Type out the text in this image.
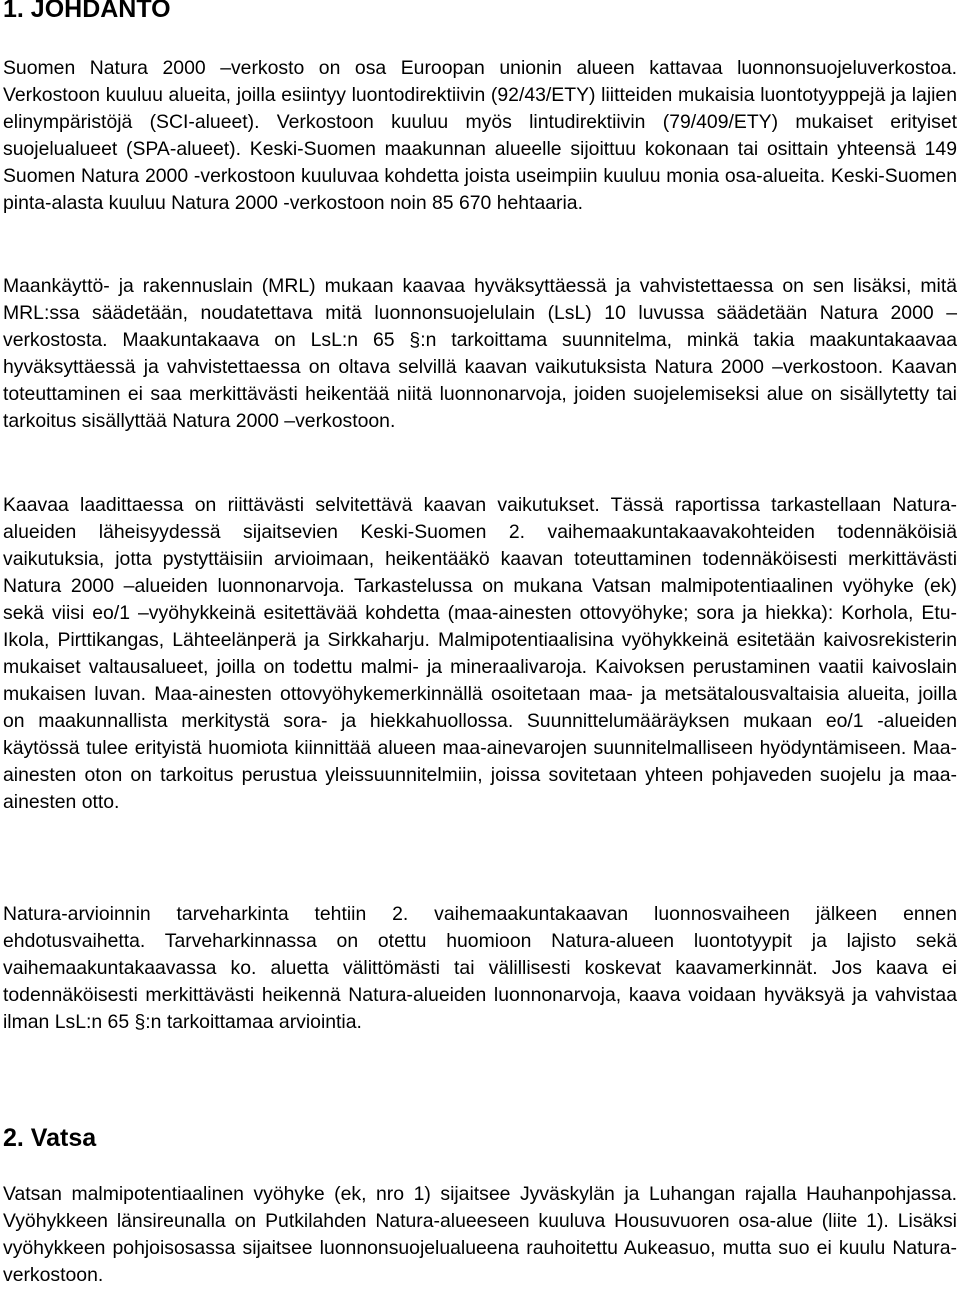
1. JOHDANTO

Suomen Natura 2000 –verkosto on osa Euroopan unionin alueen kattavaa luonnonsuojeluverkostoa. Verkostoon kuuluu alueita, joilla esiintyy luontodirektiivin (92/43/ETY) liitteiden mukaisia luontotyyppejä ja lajien elinympäristöjä (SCI-alueet). Verkostoon kuuluu myös lintudirektiivin (79/409/ETY) mukaiset erityiset suojelualueet (SPA-alueet). Keski-Suomen maakunnan alueelle sijoittuu kokonaan tai osittain yhteensä 149 Suomen Natura 2000 -verkostoon kuuluvaa kohdetta joista useimpiin kuuluu monia osa-alueita. Keski-Suomen pinta-alasta kuuluu Natura 2000 -verkostoon noin 85 670 hehtaaria.

Maankäyttö- ja rakennuslain (MRL) mukaan kaavaa hyväksyttäessä ja vahvistettaessa on sen lisäksi, mitä MRL:ssa säädetään, noudatettava mitä luonnonsuojelulain (LsL) 10 luvussa säädetään Natura 2000 –verkostosta. Maakuntakaava on LsL:n 65 §:n tarkoittama suunnitelma, minkä takia maakuntakaavaa hyväksyttäessä ja vahvistettaessa on oltava selvillä kaavan vaikutuksista Natura 2000 –verkostoon. Kaavan toteuttaminen ei saa merkittävästi heikentää niitä luonnonarvoja, joiden suojelemiseksi alue on sisällytetty tai tarkoitus sisällyttää Natura 2000 –verkostoon.

Kaavaa laadittaessa on riittävästi selvitettävä kaavan vaikutukset. Tässä raportissa tarkastellaan Natura-alueiden läheisyydessä sijaitsevien Keski-Suomen 2. vaihemaakuntakaavakohteiden todennäköisiä vaikutuksia, jotta pystyttäisiin arvioimaan, heikentääkö kaavan toteuttaminen todennäköisesti merkittävästi Natura 2000 –alueiden luonnonarvoja. Tarkastelussa on mukana Vatsan malmipotentiaalinen vyöhyke (ek) sekä viisi eo/1 –vyöhykkeinä esitettävää kohdetta (maa-ainesten ottovyöhyke; sora ja hiekka): Korhola, Etu-Ikola, Pirttikangas, Lähteelänperä ja Sirkkaharju. Malmipotentiaalisina vyöhykkeinä esitetään kaivosrekisterin mukaiset valtausalueet, joilla on todettu malmi- ja mineraalivaroja. Kaivoksen perustaminen vaatii kaivoslain mukaisen luvan. Maa-ainesten ottovyöhykemerkinnällä osoitetaan maa- ja metsätalousvaltaisia alueita, joilla on maakunnallista merkitystä sora- ja hiekkahuollossa. Suunnittelumääräyksen mukaan eo/1 -alueiden käytössä tulee erityistä huomiota kiinnittää alueen maa-ainevarojen suunnitelmalliseen hyödyntämiseen. Maaainesten oton on tarkoitus perustua yleissuunnitelmiin, joissa sovitetaan yhteen pohjaveden suojelu ja maa-ainesten otto.

Natura-arvioinnin tarveharkinta tehtiin 2. vaihemaakuntakaavan luonnosvaiheen jälkeen ennen ehdotusvaihetta. Tarveharkinnassa on otettu huomioon Natura-alueen luontotyypit ja lajisto sekä vaihemaakuntakaavassa ko. aluetta välittömästi tai välillisesti koskevat kaavamerkinnät. Jos kaava ei todennäköisesti merkittävästi heikennä Natura-alueiden luonnonarvoja, kaava voidaan hyväksyä ja vahvistaa ilman LsL:n 65 §:n tarkoittamaa arviointia.

2. Vatsa

Vatsan malmipotentiaalinen vyöhyke (ek, nro 1) sijaitsee Jyväskylän ja Luhangan rajalla Hauhanpohjassa. Vyöhykkeen länsireunalla on Putkilahden Natura-alueeseen kuuluva Housuvuoren osa-alue (liite 1). Lisäksi vyöhykkeen pohjoisosassa sijaitsee luonnonsuojelualueena rauhoitettu Aukeasuo, mutta suo ei kuulu Natura-verkostoon.
